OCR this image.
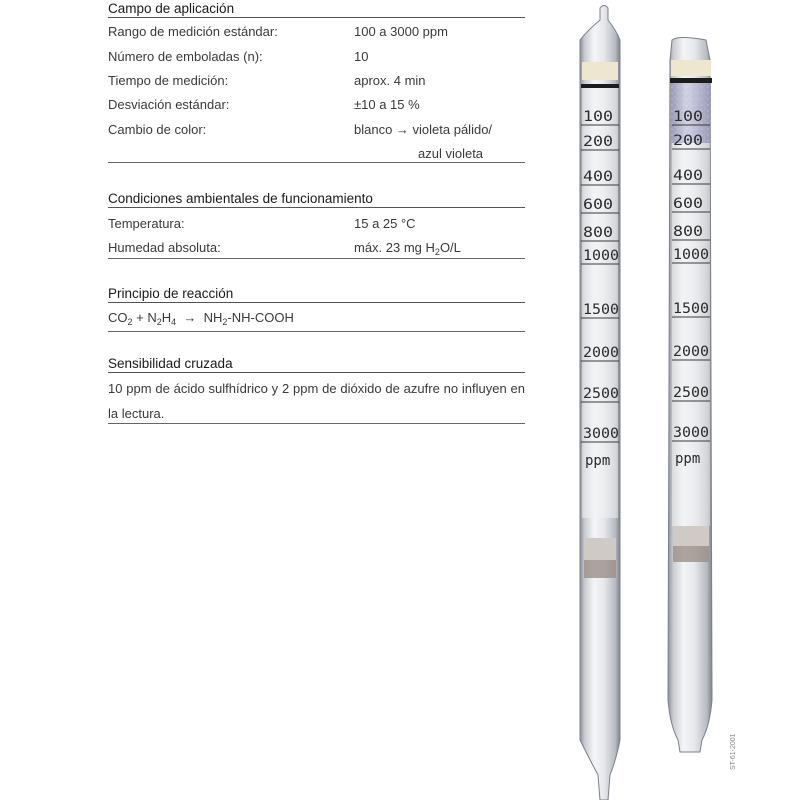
Campo de aplicación
Rango de medición estándar:	100 a 3000 ppm
Número de emboladas (n):	10
Tiempo de medición:	aprox. 4 min
Desviación estándar:	±10 a 15 %
Cambio de color:	blanco → violeta pálido/
azul violeta
Condiciones ambientales de funcionamiento
Temperatura:	15 a 25 °C
Humedad absoluta:	máx. 23 mg $H_2O/L$
Principio de reacción
$CO_2 + N_2H_4$  →  $NH_2-NH$-COOH
Sensibilidad cruzada
10 ppm de ácido sulfhídrico y 2 ppm de dióxido de azufre no influyen en la lectura.
100
200
400
600
800
1000
1500
2000
2500
3000
ppm
100
200
400
600
800
1000
1500
2000
2500
3000
ppm
ST-61-2001
